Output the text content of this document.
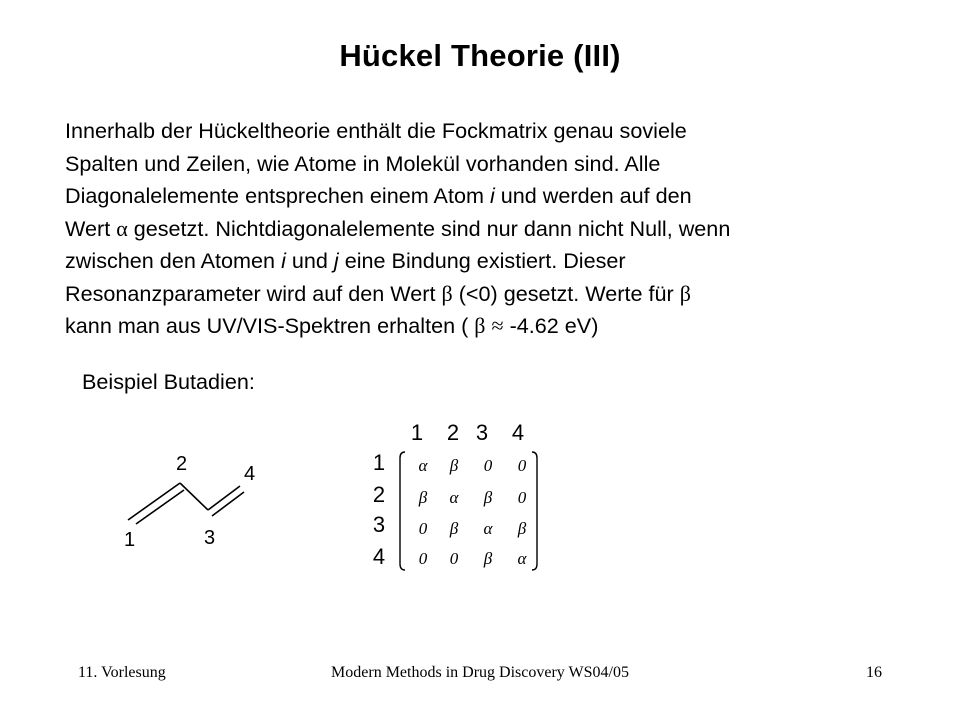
Hückel Theorie (III)
Innerhalb der Hückeltheorie enthält die Fockmatrix genau soviele
Spalten und Zeilen, wie Atome in Molekül vorhanden sind. Alle
Diagonalelemente entsprechen einem Atom i und werden auf den
Wert α gesetzt. Nichtdiagonalelemente sind nur dann nicht Null, wenn
zwischen den Atomen i und j eine Bindung existiert. Dieser
Resonanzparameter wird auf den Wert β (<0) gesetzt. Werte für β
kann man aus UV/VIS-Spektren erhalten ( β ≈ -4.62 eV)
Beispiel Butadien:
1
2
3
4
1 2 3 4
1
2
3
4
α β 0 0
β α β 0
0 β α β
0 0 β α
11. Vorlesung	Modern Methods in Drug Discovery WS04/05	16
